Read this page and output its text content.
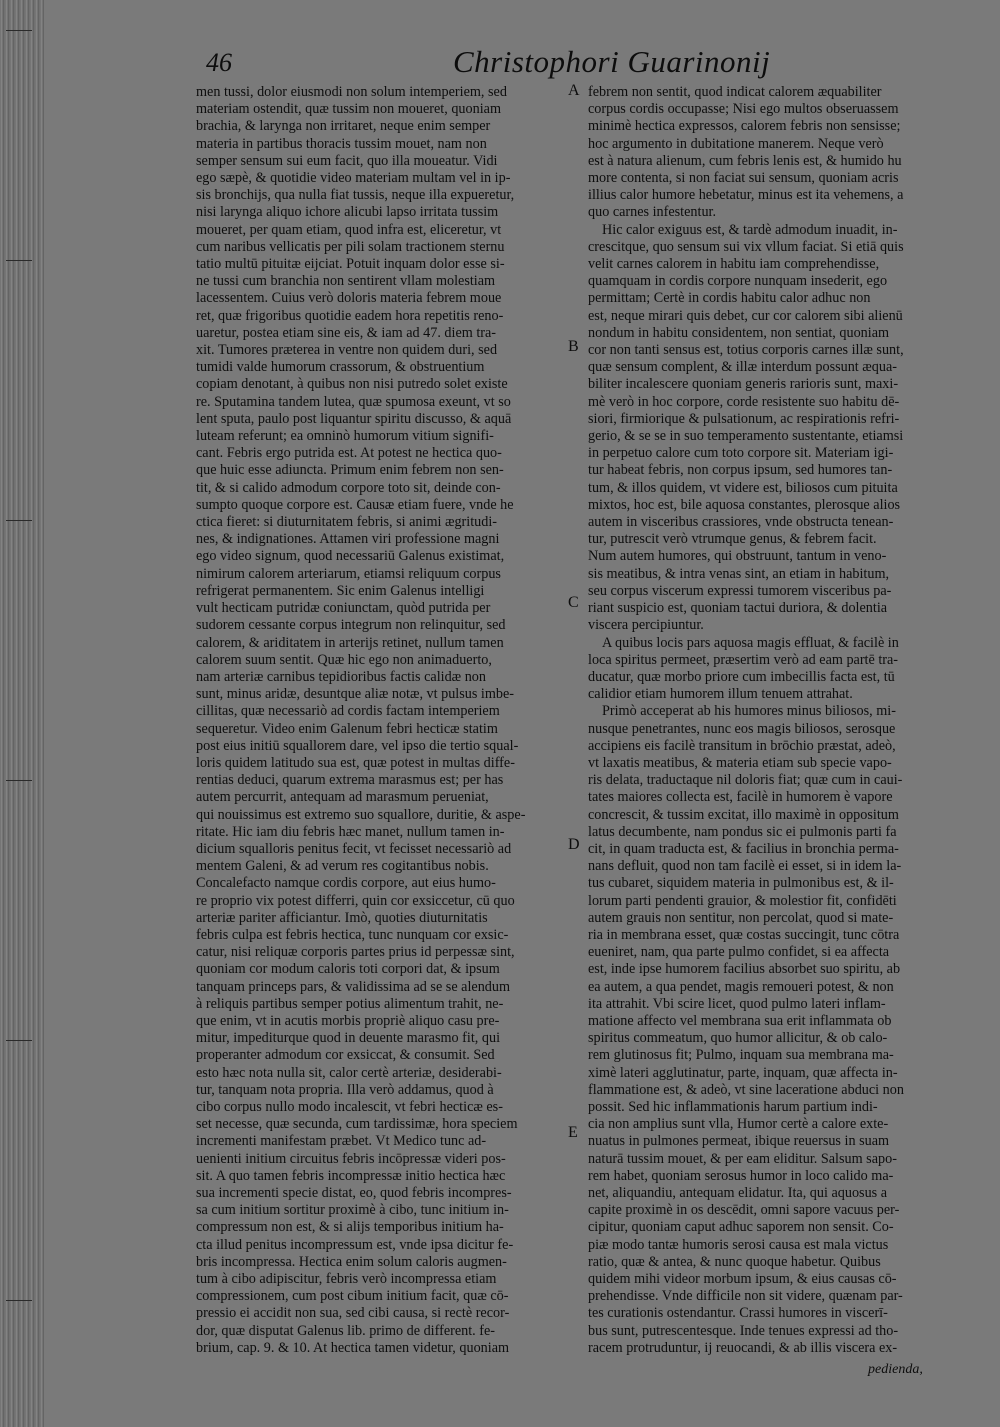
46	Christophori Guarinonij
men tussi, dolor eiusmodi non solum intemperiem, sed
materiam ostendit, quæ tussim non moueret, quoniam
brachia, & larynga non irritaret, neque enim semper
materia in partibus thoracis tussim mouet, nam non
semper sensum sui eum facit, quo illa moueatur. Vidi
ego sæpè, & quotidie video materiam multam vel in ip-
sis bronchijs, qua nulla fiat tussis, neque illa expueretur,
nisi larynga aliquo ichore alicubi lapso irritata tussim
moueret, per quam etiam, quod infra est, eliceretur, vt
cum naribus vellicatis per pili solam tractionem sternu
tatio multū pituitæ eijciat. Potuit inquam dolor esse si-
ne tussi cum branchia non sentirent vllam molestiam
lacessentem. Cuius verò doloris materia febrem moue
ret, quæ frigoribus quotidie eadem hora repetitis reno-
uaretur, postea etiam sine eis, & iam ad 47. diem tra-
xit. Tumores præterea in ventre non quidem duri, sed
tumidi valde humorum crassorum, & obstruentium
copiam denotant, à quibus non nisi putredo solet existe
re. Sputamina tandem lutea, quæ spumosa exeunt, vt so
lent sputa, paulo post liquantur spiritu discusso, & aquā
luteam referunt; ea omninò humorum vitium signifi-
cant. Febris ergo putrida est. At potest ne hectica quo-
que huic esse adiuncta. Primum enim febrem non sen-
tit, & si calido admodum corpore toto sit, deinde con-
sumpto quoque corpore est. Causæ etiam fuere, vnde he
ctica fieret: si diuturnitatem febris, si animi ægritudi-
nes, & indignationes. Attamen viri professione magni
ego video signum, quod necessariū Galenus existimat,
nimirum calorem arteriarum, etiamsi reliquum corpus
refrigerat permanentem. Sic enim Galenus intelligi
vult hecticam putridæ coniunctam, quòd putrida per
sudorem cessante corpus integrum non relinquitur, sed
calorem, & ariditatem in arterijs retinet, nullum tamen
calorem suum sentit. Quæ hic ego non animaduerto,
nam arteriæ carnibus tepidioribus factis calidæ non
sunt, minus aridæ, desuntque aliæ notæ, vt pulsus imbe-
cillitas, quæ necessariò ad cordis factam intemperiem
sequeretur. Video enim Galenum febri hecticæ statim
post eius initiū squallorem dare, vel ipso die tertio squal-
loris quidem latitudo sua est, quæ potest in multas diffe-
rentias deduci, quarum extrema marasmus est; per has
autem percurrit, antequam ad marasmum perueniat,
qui nouissimus est extremo suo squallore, duritie, & aspe-
ritate. Hic iam diu febris hæc manet, nullum tamen in-
dicium squalloris penitus fecit, vt fecisset necessariò ad
mentem Galeni, & ad verum res cogitantibus nobis.
Concalefacto namque cordis corpore, aut eius humo-
re proprio vix potest differri, quin cor exsiccetur, cū quo
arteriæ pariter afficiantur. Imò, quoties diuturnitatis
febris culpa est febris hectica, tunc nunquam cor exsic-
catur, nisi reliquæ corporis partes prius id perpessæ sint,
quoniam cor modum caloris toti corpori dat, & ipsum
tanquam princeps pars, & validissima ad se se alendum
à reliquis partibus semper potius alimentum trahit, ne-
que enim, vt in acutis morbis propriè aliquo casu pre-
mitur, impediturque quod in deuente marasmo fit, qui
properanter admodum cor exsiccat, & consumit. Sed
esto hæc nota nulla sit, calor certè arteriæ, desiderabi-
tur, tanquam nota propria. Illa verò addamus, quod à
cibo corpus nullo modo incalescit, vt febri hecticæ es-
set necesse, quæ secunda, cum tardissimæ, hora speciem
incrementi manifestam præbet. Vt Medico tunc ad-
uenienti initium circuitus febris incōpressæ videri pos-
sit. A quo tamen febris incompressæ initio hectica hæc
sua incrementi specie distat, eo, quod febris incompres-
sa cum initium sortitur proximè à cibo, tunc initium in-
compressum non est, & si alijs temporibus initium ha-
cta illud penitus incompressum est, vnde ipsa dicitur fe-
bris incompressa. Hectica enim solum caloris augmen-
tum à cibo adipiscitur, febris verò incompressa etiam
compressionem, cum post cibum initium facit, quæ cō-
pressio ei accidit non sua, sed cibi causa, si rectè recor-
dor, quæ disputat Galenus lib. primo de different. fe-
brium, cap. 9. & 10. At hectica tamen videtur, quoniam
febrem non sentit, quod indicat calorem æquabiliter
corpus cordis occupasse; Nisi ego multos obseruassem
minimè hectica expressos, calorem febris non sensisse;
hoc argumento in dubitatione manerem. Neque verò
est à natura alienum, cum febris lenis est, & humido hu
more contenta, si non faciat sui sensum, quoniam acris
illius calor humore hebetatur, minus est ita vehemens, a
quo carnes infestentur.
Hic calor exiguus est, & tardè admodum inuadit, in-
crescitque, quo sensum sui vix vllum faciat. Si etiā quis
velit carnes calorem in habitu iam comprehendisse,
quamquam in cordis corpore nunquam insederit, ego
permittam; Certè in cordis habitu calor adhuc non
est, neque mirari quis debet, cur cor calorem sibi alienū
nondum in habitu considentem, non sentiat, quoniam
cor non tanti sensus est, totius corporis carnes illæ sunt,
quæ sensum complent, & illæ interdum possunt æqua-
biliter incalescere quoniam generis rarioris sunt, maxi-
mè verò in hoc corpore, corde resistente suo habitu dē-
siori, firmiorique & pulsationum, ac respirationis refri-
gerio, & se se in suo temperamento sustentante, etiamsi
in perpetuo calore cum toto corpore sit. Materiam igi-
tur habeat febris, non corpus ipsum, sed humores tan-
tum, & illos quidem, vt videre est, biliosos cum pituita
mixtos, hoc est, bile aquosa constantes, plerosque alios
autem in visceribus crassiores, vnde obstructa tenean-
tur, putrescit verò vtrumque genus, & febrem facit.
Num autem humores, qui obstruunt, tantum in veno-
sis meatibus, & intra venas sint, an etiam in habitum,
seu corpus viscerum expressi tumorem visceribus pa-
riant suspicio est, quoniam tactui duriora, & dolentia
viscera percipiuntur.
A quibus locis pars aquosa magis effluat, & facilè in
loca spiritus permeet, præsertim verò ad eam partē tra-
ducatur, quæ morbo priore cum imbecillis facta est, tū
calidior etiam humorem illum tenuem attrahat.
Primò acceperat ab his humores minus biliosos, mi-
nusque penetrantes, nunc eos magis biliosos, serosque
accipiens eis facilè transitum in brōchio præstat, adeò,
vt laxatis meatibus, & materia etiam sub specie vapo-
ris delata, traductaque nil doloris fiat; quæ cum in caui-
tates maiores collecta est, facilè in humorem è vapore
concrescit, & tussim excitat, illo maximè in oppositum
latus decumbente, nam pondus sic ei pulmonis parti fa
cit, in quam traducta est, & facilius in bronchia perma-
nans defluit, quod non tam facilè ei esset, si in idem la-
tus cubaret, siquidem materia in pulmonibus est, & il-
lorum parti pendenti grauior, & molestior fit, confidēti
autem grauis non sentitur, non percolat, quod si mate-
ria in membrana esset, quæ costas succingit, tunc cōtra
eueniret, nam, qua parte pulmo confidet, si ea affecta
est, inde ipse humorem facilius absorbet suo spiritu, ab
ea autem, a qua pendet, magis remoueri potest, & non
ita attrahit. Vbi scire licet, quod pulmo lateri inflam-
matione affecto vel membrana sua erit inflammata ob
spiritus commeatum, quo humor allicitur, & ob calo-
rem glutinosus fit; Pulmo, inquam sua membrana ma-
ximè lateri agglutinatur, parte, inquam, quæ affecta in-
flammatione est, & adeò, vt sine laceratione abduci non
possit. Sed hic inflammationis harum partium indi-
cia non amplius sunt vlla, Humor certè a calore exte-
nuatus in pulmones permeat, ibique reuersus in suam
naturā tussim mouet, & per eam eliditur. Salsum sapo-
rem habet, quoniam serosus humor in loco calido ma-
net, aliquandiu, antequam elidatur. Ita, qui aquosus a
capite proximè in os descēdit, omni sapore vacuus per-
cipitur, quoniam caput adhuc saporem non sensit. Co-
piæ modo tantæ humoris serosi causa est mala victus
ratio, quæ & antea, & nunc quoque habetur. Quibus
quidem mihi videor morbum ipsum, & eius causas cō-
prehendisse. Vnde difficile non sit videre, quænam par-
tes curationis ostendantur. Crassi humores in viscerī-
bus sunt, putrescentesque. Inde tenues expressi ad tho-
racem protruduntur, ij reuocandi, & ab illis viscera ex-
A
B
C
D
E
pedienda,
